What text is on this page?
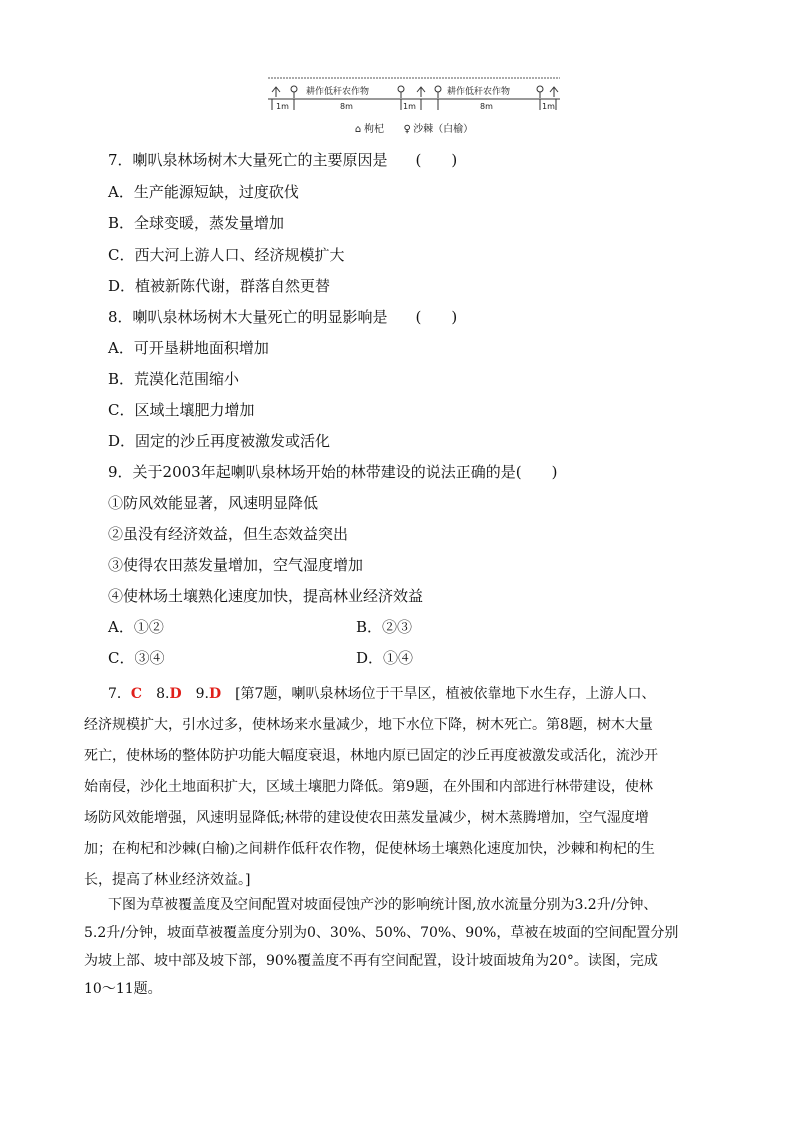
耕作低秆农作物	耕作低秆农作物
1m	8m	1m	8m	1m
⌂ 枸杞 ♀ 沙棘（白榆）
7．喇叭泉林场树木大量死亡的主要原因是 (　　)
A．生产能源短缺，过度砍伐
B．全球变暖，蒸发量增加
C．西大河上游人口、经济规模扩大
D．植被新陈代谢，群落自然更替
8．喇叭泉林场树木大量死亡的明显影响是 (　　)
A．可开垦耕地面积增加
B．荒漠化范围缩小
C．区域土壤肥力增加
D．固定的沙丘再度被激发或活化
9．关于2003年起喇叭泉林场开始的林带建设的说法正确的是(　　)
①防风效能显著，风速明显降低
②虽没有经济效益，但生态效益突出
③使得农田蒸发量增加，空气湿度增加
④使林场土壤熟化速度加快，提高林业经济效益
A．①②	B．②③
C．③④	D．①④
7．C　 8.D　 9.D　 [第7题，喇叭泉林场位于干旱区，植被依靠地下水生存，上游人口、
经济规模扩大，引水过多，使林场来水量减少，地下水位下降，树木死亡。第8题，树木大量
死亡，使林场的整体防护功能大幅度衰退，林地内原已固定的沙丘再度被激发或活化，流沙开
始南侵，沙化土地面积扩大，区域土壤肥力降低。第9题，在外围和内部进行林带建设，使林
场防风效能增强，风速明显降低;林带的建设使农田蒸发量减少，树木蒸腾增加，空气湿度增
加；在枸杞和沙棘(白榆)之间耕作低秆农作物，促使林场土壤熟化速度加快，沙棘和枸杞的生
长，提高了林业经济效益。]
下图为草被覆盖度及空间配置对坡面侵蚀产沙的影响统计图,放水流量分别为3.2升/分钟、
5.2升/分钟，坡面草被覆盖度分别为0、30%、50%、70%、90%，草被在坡面的空间配置分别
为坡上部、坡中部及坡下部，90%覆盖度不再有空间配置，设计坡面坡角为20°。读图，完成
10～11题。
